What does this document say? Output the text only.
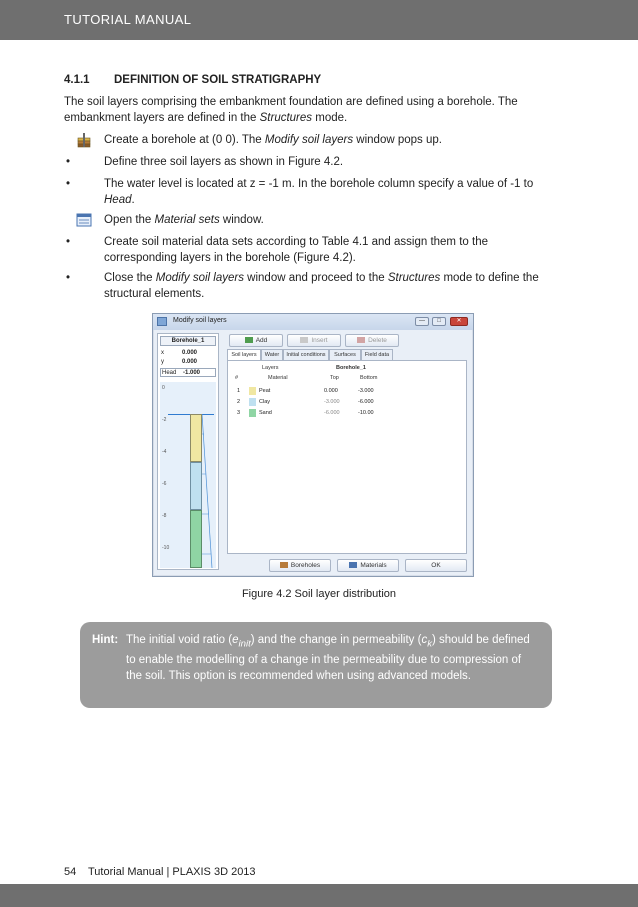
TUTORIAL MANUAL
4.1.1 DEFINITION OF SOIL STRATIGRAPHY
The soil layers comprising the embankment foundation are defined using a borehole. The embankment layers are defined in the Structures mode.
Create a borehole at (0 0). The Modify soil layers window pops up.
•	Define three soil layers as shown in Figure 4.2.
•	The water level is located at z = -1 m. In the borehole column specify a value of -1 to Head.
Open the Material sets window.
•	Create soil material data sets according to Table 4.1 and assign them to the corresponding layers in the borehole (Figure 4.2).
•	Close the Modify soil layers window and proceed to the Structures mode to define the structural elements.
Modify soil layers	—	□	✕
Borehole_1
x	0.000
y	0.000
Head -1.000
0
-2
-4
-6
-8
-10
Add	Insert	Delete
Soil layers	Water	Initial conditions	Surfaces	Field data
Layers	Borehole_1
#	Material	Top	Bottom
1	Peat	0.000	-3.000
2	Clay	-3.000	-6.000
3	Sand	-6.000	-10.00
Boreholes	Materials	OK
Figure 4.2 Soil layer distribution
Hint: The initial void ratio $(e_{init})$ and the change in permeability $(c_k)$ should be defined to enable the modelling of a change in the permeability due to compression of the soil. This option is recommended when using advanced models.
54 Tutorial Manual | PLAXIS 3D 2013
